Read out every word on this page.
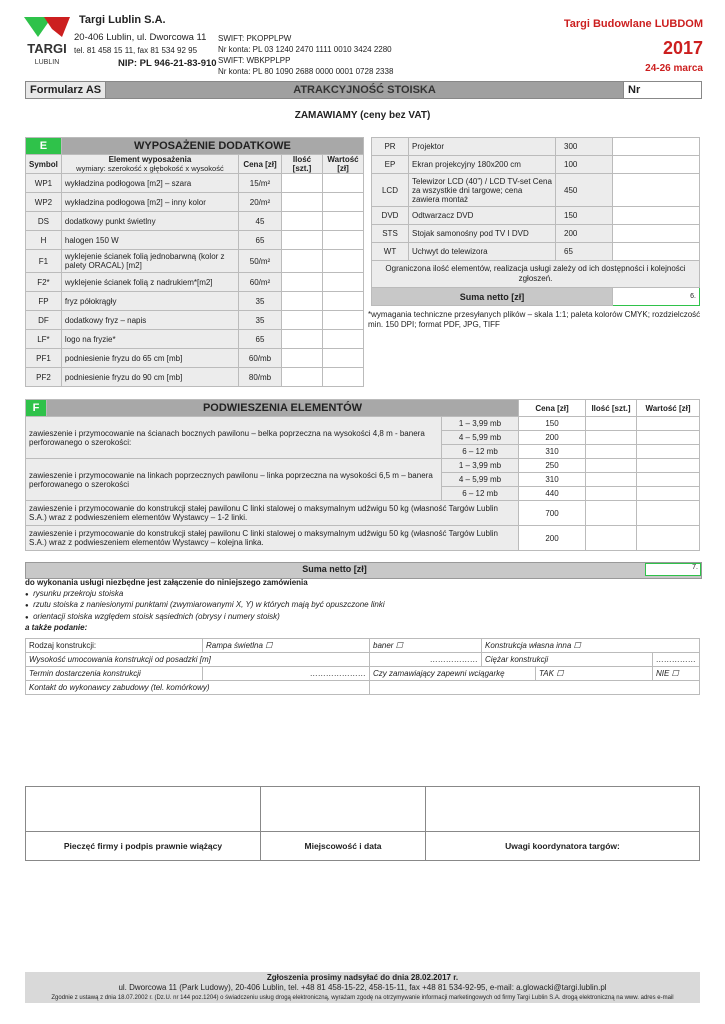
TARGI
LUBLIN
Targi Lublin S.A.
20-406 Lublin, ul. Dworcowa 11
tel. 81 458 15 11, fax 81 534 92 95
NIP: PL 946-21-83-910
SWIFT: PKOPPLPW
Nr konta: PL 03 1240 2470 1111 0010 3424 2280
SWIFT: WBKPPLPP
Nr konta: PL 80 1090 2688 0000 0001 0728 2338
Targi Budowlane LUBDOM
2017
24-26 marca
Formularz AS	ATRAKCYJNOŚĆ STOISKA	Nr
ZAMAWIAMY (ceny bez VAT)
E	WYPOSAŻENIE DODATKOWE			
Symbol	Element wyposażenia
wymiary: szerokość x głębokość x wysokość	Cena [zł]	Ilość [szt.]	Wartość [zł]
WP1	wykładzina podłogowa [m2] – szara	15/m²		
WP2	wykładzina podłogowa [m2] – inny kolor	20/m²		
DS	dodatkowy punkt świetlny	45		
H	halogen 150 W	65		
F1	wyklejenie ścianek folią jednobarwną (kolor z palety ORACAL) [m2]	50/m²		
F2*	wyklejenie ścianek folią z nadrukiem*[m2]	60/m²		
FP	fryz półokrągły	35		
DF	dodatkowy fryz – napis	35		
LF*	logo na fryzie*	65		
PF1	podniesienie fryzu do 65 cm [mb]	60/mb		
PF2	podniesienie fryzu do 90 cm [mb]	80/mb		
PR	Projektor	300	
EP	Ekran projekcyjny 180x200 cm	100	
LCD	Telewizor LCD (40”) / LCD TV-set Cena za wszystkie dni targowe; cena zawiera montaż	450	
DVD	Odtwarzacz DVD	150	
STS	Stojak samonośny pod TV I DVD	200	
WT	Uchwyt do telewizora	65	
Ograniczona ilość elementów, realizacja usługi zależy od ich dostępności i kolejności zgłoszeń.			
Suma netto [zł]			6.
*wymagania techniczne przesyłanych plików – skala 1:1; paleta kolorów CMYK; rozdzielczość min. 150 DPI; format PDF, JPG, TIFF
F	PODWIESZENIA ELEMENTÓW		Cena [zł]	Ilość [szt.]	Wartość [zł]
zawieszenie i przymocowanie na ścianach bocznych pawilonu – belka poprzeczna na wysokości 4,8 m - banera perforowanego o szerokości:		1 – 3,99 mb	150		
		4 – 5,99 mb	200		
		6 – 12 mb	310		
zawieszenie i przymocowanie na linkach poprzecznych pawilonu – linka poprzeczna na wysokości 6,5 m – banera perforowanego o szerokości		1 – 3,99 mb	250		
		4 – 5,99 mb	310		
		6 – 12 mb	440		
zawieszenie i przymocowanie do konstrukcji stałej pawilonu C linki stalowej o maksymalnym udźwigu 50 kg (własność Targów Lublin S.A.) wraz z podwieszeniem elementów Wystawcy – 1-2 linki.			700		
zawieszenie i przymocowanie do konstrukcji stałej pawilonu C linki stalowej o maksymalnym udźwigu 50 kg (własność Targów Lublin S.A.) wraz z podwieszeniem elementów Wystawcy – kolejna linka.			200		
Suma netto [zł]	7.
do wykonania usługi niezbędne jest załączenie do niniejszego zamówienia
● rysunku przekroju stoiska
● rzutu stoiska z naniesionymi punktami (zwymiarowanymi X, Y) w których mają być opuszczone linki
● orientacji stoiska względem stoisk sąsiednich (obrysy i numery stoisk)
a także podanie:
Rodzaj konstrukcji:	Rampa świetlna ☐	baner ☐	Konstrukcja własna inna ☐		
Wysokość umocowania konstrukcji od posadzki [m]		………………	Ciężar konstrukcji		……………
Termin dostarczenia konstrukcji	…………………	Czy zamawiający zapewni wciągarkę		TAK ☐	NIE ☐
Kontakt do wykonawcy zabudowy (tel. komórkowy)					

Pieczęć firmy i podpis prawnie wiążący	Miejscowość i data	Uwagi koordynatora targów:
Zgłoszenia prosimy nadsyłać do dnia 28.02.2017 r.
ul. Dworcowa 11 (Park Ludowy), 20-406 Lublin, tel. +48 81 458-15-22, 458-15-11, fax +48 81 534-92-95, e-mail: a.glowacki@targi.lublin.pl
Zgodnie z ustawą z dnia 18.07.2002 r. (Dz.U. nr 144 poz.1204) o świadczeniu usług drogą elektroniczną, wyrażam zgodę na otrzymywanie informacji marketingowych od firmy Targi Lublin S.A. drogą elektroniczną na www. adres e-mail
